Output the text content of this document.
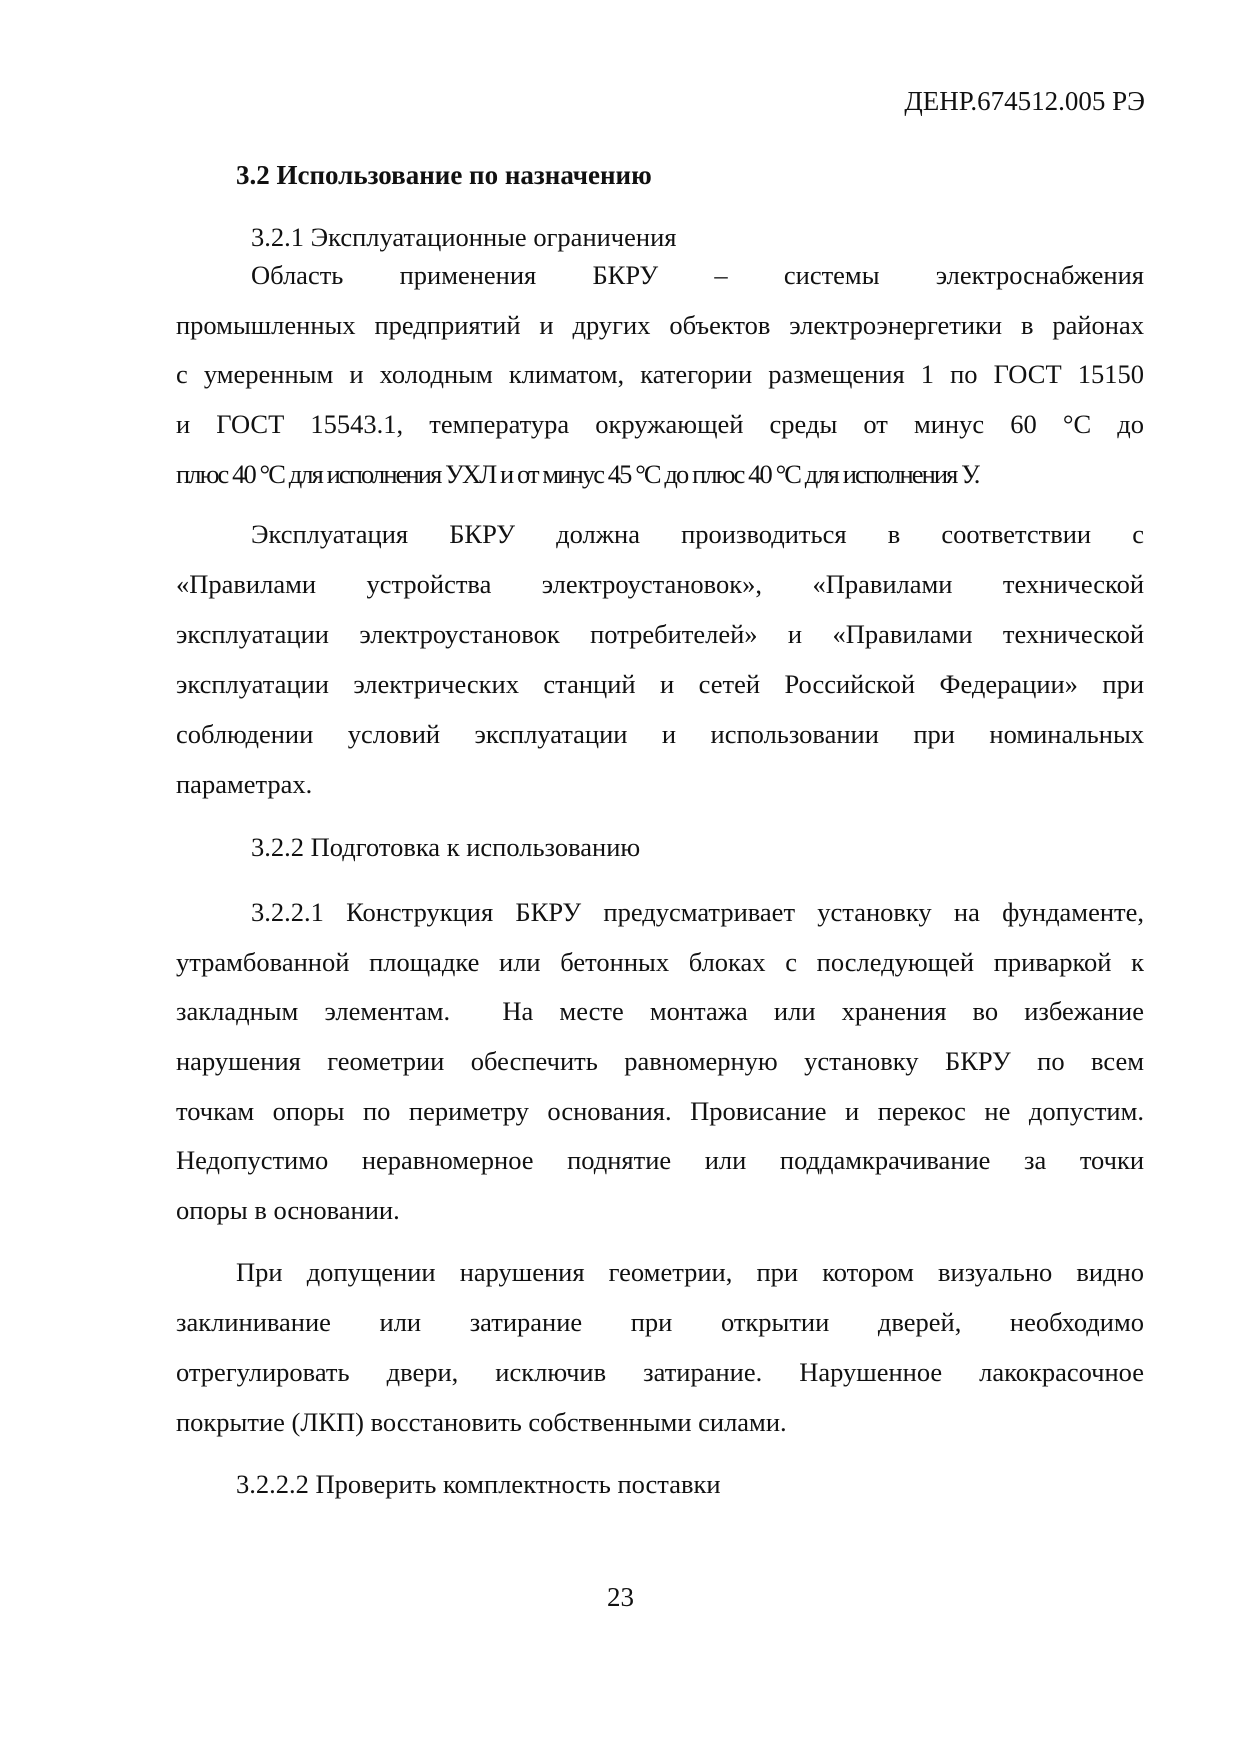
ДЕНР.674512.005 РЭ
3.2 Использование по назначению
3.2.1 Эксплуатационные ограничения
Область применения БКРУ – системы электроснабжения
промышленных предприятий и других объектов электроэнергетики в районах
с умеренным и холодным климатом, категории размещения 1 по ГОСТ 15150
и ГОСТ 15543.1, температура окружающей среды от минус 60 °С до
плюс 40 °С для исполнения УХЛ и от минус 45 °С до плюс 40 °С для исполнения У.
Эксплуатация БКРУ должна производиться в соответствии с
«Правилами устройства электроустановок», «Правилами технической
эксплуатации электроустановок потребителей» и «Правилами технической
эксплуатации электрических станций и сетей Российской Федерации» при
соблюдении условий эксплуатации и использовании при номинальных
параметрах.
3.2.2 Подготовка к использованию
3.2.2.1 Конструкция БКРУ предусматривает установку на фундаменте,
утрамбованной площадке или бетонных блоках с последующей приваркой к
закладным элементам.  На месте монтажа или хранения во избежание
нарушения геометрии обеспечить равномерную установку БКРУ по всем
точкам опоры по периметру основания. Провисание и перекос не допустим.
Недопустимо неравномерное поднятие или поддамкрачивание за точки
опоры в основании.
При допущении нарушения геометрии, при котором визуально видно
заклинивание или затирание при открытии дверей, необходимо
отрегулировать двери, исключив затирание. Нарушенное лакокрасочное
покрытие (ЛКП) восстановить собственными силами.
3.2.2.2 Проверить комплектность поставки
23
